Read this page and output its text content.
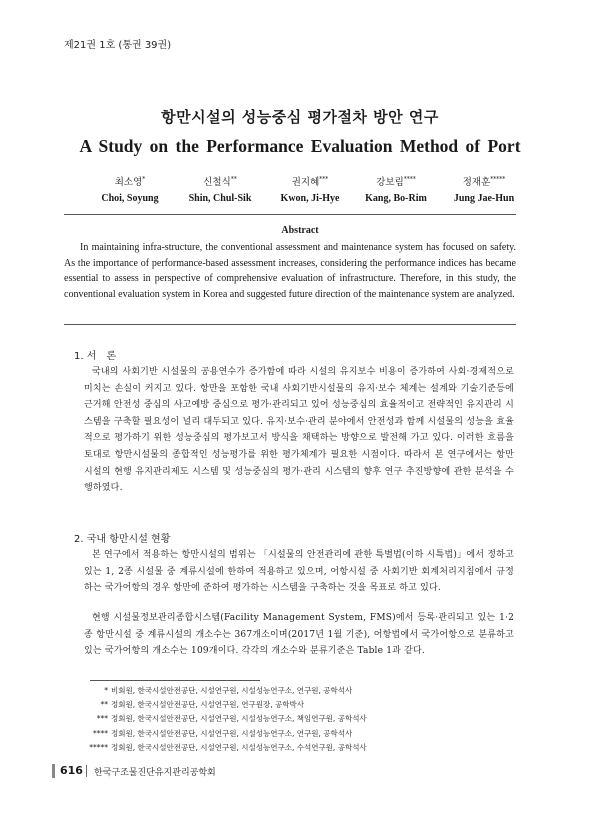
제21권 1호 (통권 39권)
항만시설의 성능중심 평가절차 방안 연구
A Study on the Performance Evaluation Method of Port
최소영*
Choi, Soyung
신철식**
Shin, Chul-Sik
권지혜***
Kwon, Ji-Hye
강보림****
Kang, Bo-Rim
정재훈*****
Jung Jae-Hun
Abstract

In maintaining infra-structure, the conventional assessment and maintenance system has focused on safety. As the importance of performance-based assessment increases, considering the performance indices has became essential to assess in perspective of comprehensive evaluation of infrastructure. Therefore, in this study, the conventional evaluation system in Korea and suggested future direction of the maintenance system are analyzed.

1. 서　론

국내의 사회기반 시설물의 공용연수가 증가함에 따라 시설의 유지보수 비용이 증가하여 사회·경제적으로 미치는 손실이 커지고 있다. 항만을 포함한 국내 사회기반시설물의 유지·보수 체계는 설계와 기술기준등에 근거해 안전성 중심의 사고예방 중심으로 평가·관리되고 있어 성능중심의 효율적이고 전략적인 유지관리 시스템을 구축할 필요성이 널리 대두되고 있다. 유지·보수·관리 분야에서 안전성과 함께 시설물의 성능을 효율적으로 평가하기 위한 성능중심의 평가보고서 방식을 채택하는 방향으로 발전해 가고 있다. 이러한 흐름을 토대로 항만시설물의 종합적인 성능평가를 위한 평가체계가 필요한 시점이다. 따라서 본 연구에서는 항만 시설의 현행 유지관리제도 시스템 및 성능중심의 평가·관리 시스템의 향후 연구 추진방향에 관한 분석을 수행하였다.

2. 국내 항만시설 현황

본 연구에서 적용하는 항만시설의 범위는 「시설물의 안전관리에 관한 특별법(이하 시특법)」에서 정하고 있는 1, 2종 시설물 중 계류시설에 한하여 적용하고 있으며, 어항시설 중 사회기반 회계처리지침에서 규정하는 국가어항의 경우 항만에 준하여 평가하는 시스템을 구축하는 것을 목표로 하고 있다.

현행 시설물정보관리종합시스템(Facility Management System, FMS)에서 등록·관리되고 있는 1·2종 항만시설 중 계류시설의 개소수는 367개소이며(2017년 1월 기준), 어항법에서 국가어항으로 분류하고 있는 국가어항의 개소수는 109개이다. 각각의 개소수와 분류기준은 Table 1과 같다.

* 비회원, 한국시설안전공단, 시설연구원, 시설성능연구소, 연구원, 공학석사
** 정회원, 한국시설안전공단, 시설연구원, 연구원장, 공학박사
*** 정회원, 한국시설안전공단, 시설연구원, 시설성능연구소, 책임연구원, 공학석사
**** 정회원, 한국시설안전공단, 시설연구원, 시설성능연구소, 연구원, 공학석사
***** 정회원, 한국시설안전공단, 시설연구원, 시설성능연구소, 수석연구원, 공학석사
616 한국구조물진단유지관리공학회
